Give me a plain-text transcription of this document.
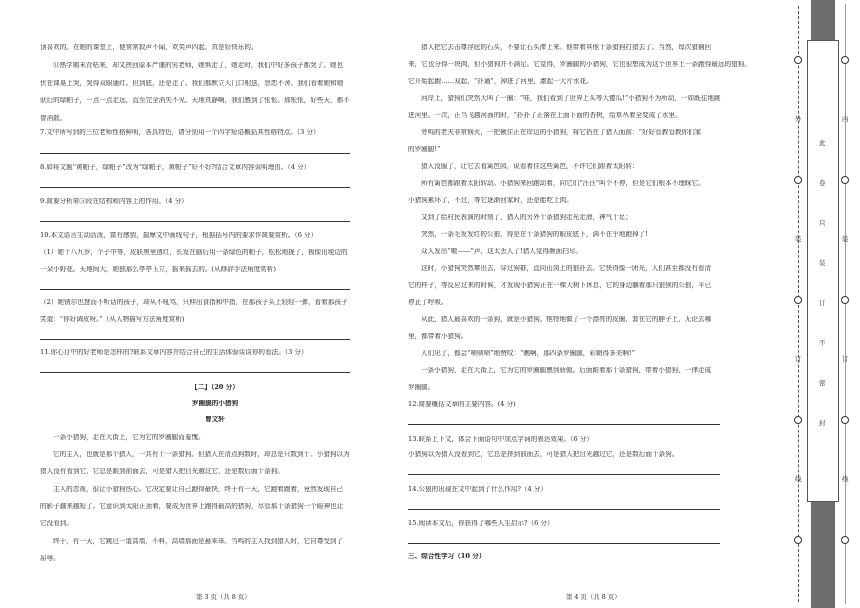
顶喜欢的。在她的课堂上，便常常寂声不闻，欢笑声四起，真是好快乐的。
⑪热学期末背枯来，却又挟回原本严谨的男老师，她惧走了，她走时，我们中好多孩子都哭了。她也
伏在课桌上哭，哭得双眼通红。但到底，还是走了。我们都默立大门口相送，怨恋不舍。我们看着她和她
驮后的绿帕子，一点一点走远，直至完全消失不见。天地真静啊，我们感到了怅怅。那怅怅，好些天，都不
曾消散。
7.文中所写到的三位老师性格鲜明，各具特色，请分别用一个四字短语概括其性格特点。（3 分）
8.如将文题“黄帕子，绿帕子”改为“绿帕子，黄帕子”好不好?结合文章内容说明理由。（4 分）
9.简要分析第⑤段在结构和内容上的作用。（4 分）
10.本文语言生动活泼，富有感情，揣摩文中画线句子，根据括号内的要求作简要赏析。（6 分）
（1）她十八九岁，个子中等，皮肤黑里透红，长发在脑后用一条绿色的帕子，松松地拢了，极像田埂边的
一朵小野花。天地间大，她独那么亭亭玉立，摇来摇去的。(从修辞手法角度赏析)
（2）她锈尔也慧而不听话的孩子，却从不吼骂，只伸出食指和中指，在那孩子头上轻轻一弹，看着那孩子
笑道：“你好调皮呀。”（从人物描写方法角度赏析)
11.你心目中的好老师是怎样的?联系文章内容并结合自己的生活体验谈谈你的看法。（3 分）
【二】（20 分）
罗圈腿的小猎狗
曹文轩
一条小猎狗，走在大街上，它为它的罗圈腿而羞愧。
它的主人，也就是那个猎人，一共有十一条猎狗。但猎人在清点狗数时，却总是只数到十。小猎狗以为
猎人没有看到它，它总是跟到前面去，可是猎人把目光越过它，还是数后面十条狗。
主人的忽视，很让小猎狗伤心。它决定要让自己跑得最快，终于有一天，它跑着跑着，竟然发现自己
的影子越来越短了。它意识到太阳正顶着，要成为世界上跑得最高的猎狗，尽管那十条猎狗一个眼神也让
它没看到。
终于，有一天，它跳过一道高墙，不料，高墙那面是悬乖乖。当鸣的主人找到猎人时，它自尊受到了
屈辱。
第 3 页（共 8 页）
猎人把它去击尊浮庇的石头，不要让石头滞上来。他带着其他十条猎狗打猎去了。当然，每次猎捕回
来，它也分得一块肉，但小猎狗并不满足。它觉得，罗圈腿的小猎狗，它也很想成为这个世界上一条跑得最远的猎狗。
它开始起跑……双起，“扑通”，掉进了河里，激起一大片水花。
河岸上，猎狗们突然大叫了一圈：“哇，我们看到了世界上头等大傻瓜!”小猎狗不为所动，一如既往地跳
进河里。一次，正当飞越河面的时，“扑扑了正落在上面下面的杏树，给草丛着全变成了水里。
旁鸣的老夫非常恼火，一把揪住正在岸边的小猎狗，将它扔在了猎人面前：“好好管教管教你们家
的罗圈腿!”
猎人没服了，让它去看篱笆园，说看着住这些篱笆，不许它们跟着太阳转：
所有篱笆都跟着太阳转动。小猎狗来回跑动着，向它们“汪汪”叫个不停，但是它们根本不理睬它。
小猎狗累坏了，不过，等它逐渐回家时，还是能吃上肉。
又到了给村民表演的时刻了，猎人的另外十条猎狗走光走滑，神气十足；
突然，一条毛发发红的公狼，得是在十条猎狗的眼皮底下，满不在乎地跑掉了!
众人发出“嗷——”声，这太丢人了!猎人觉得颜面扫尽。
这时，小猎狗突然窜出去，穿过狗群，直向山岗上的狼扑去。它快得像一团光，人们甚至都没有看清
它的样子，等反应过来的时候，才发现小猎狗正在一棵大树下休息，它的身边躺着那只狼狈的公狼，平已
停止了呼吸。
从此，猎人最喜欢的一条狗，就是小猎狗。牠特地做了一个漂亮的皮圈，套在它的脖子上，无论去哪
里，都带着小猎狗。
人们见了，都会“啧啧啧”地赞叹：“瞧啊，那四条罗圈腿，彩朝得多美啊!”
一条小猎狗，走在大街上，它为它的罗圈腿感到骄傲。后面跟着那十条猎狗，带着小猎狗，一律走成
罗圈腿。
12.简要概括文章的主要内容。(4 分)
13.联系上下文，体会下面语句中加点字词的表达效果。（6 分）
小猎狗以为猎人没看到它，它总是挤到前面去，可是猎人把目光越过它，还是数后面十条狗。
14.公狼的出现在文中起到了什么作用?（4 分）
15.阅读本文后，你获得了哪些人生启示?（6 分）
三、综合性学习（10 分）
第 4 页（共 8 页）
外
装
订
线
此
卷
只
装
订
不
密
封
内
装
订
线
